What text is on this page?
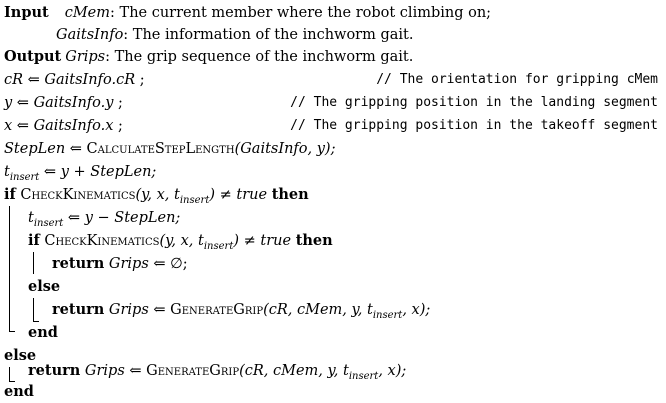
Input cMem: The current member where the robot climbing on;
GaitsInfo: The information of the inchworm gait.
Output Grips: The grip sequence of the inchworm gait.
cR ⇐ GaitsInfo.cR ;	// The orientation for gripping cMem
y ⇐ GaitsInfo.y ;	// The gripping position in the landing segment
x ⇐ GaitsInfo.x ;	// The gripping position in the takeoff segment
StepLen ⇐ CalculateStepLength(GaitsInfo, y);
$t_{insert}$ ⇐ y + StepLen;
if CheckKinematics(y, x, $t_{insert}$) ≠ true then
$t_{insert}$ ⇐ y − StepLen;
if CheckKinematics(y, x, $t_{insert}$) ≠ true then
return Grips ⇐ ∅;
else
return Grips ⇐ GenerateGrip(cR, cMem, y, $t_{insert}$, x);
end
else
return Grips ⇐ GenerateGrip(cR, cMem, y, $t_{insert}$, x);
end
